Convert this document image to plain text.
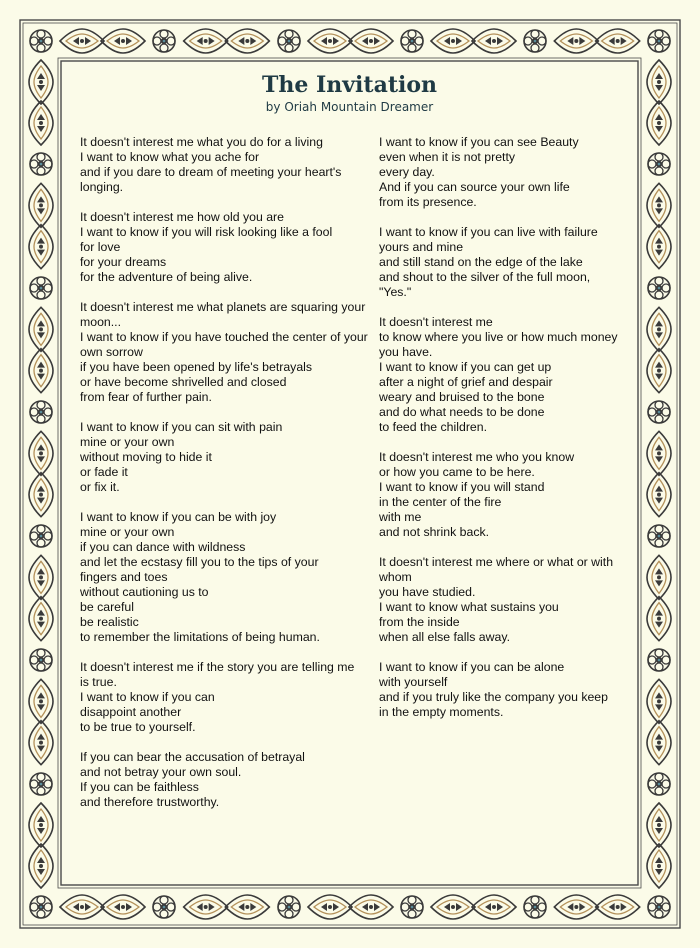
The Invitation

by Oriah Mountain Dreamer

It doesn't interest me what you do for a living
I want to know what you ache for
and if you dare to dream of meeting your heart's
longing.
It doesn't interest me how old you are
I want to know if you will risk looking like a fool
for love
for your dreams
for the adventure of being alive.
It doesn't interest me what planets are squaring your
moon...
I want to know if you have touched the center of your
own sorrow
if you have been opened by life's betrayals
or have become shrivelled and closed
from fear of further pain.
I want to know if you can sit with pain
mine or your own
without moving to hide it
or fade it
or fix it.
I want to know if you can be with joy
mine or your own
if you can dance with wildness
and let the ecstasy fill you to the tips of your
fingers and toes
without cautioning us to
be careful
be realistic
to remember the limitations of being human.
It doesn't interest me if the story you are telling me
is true.
I want to know if you can
disappoint another
to be true to yourself.
If you can bear the accusation of betrayal
and not betray your own soul.
If you can be faithless
and therefore trustworthy.
I want to know if you can see Beauty
even when it is not pretty
every day.
And if you can source your own life
from its presence.
I want to know if you can live with failure
yours and mine
and still stand on the edge of the lake
and shout to the silver of the full moon,
"Yes."
It doesn't interest me
to know where you live or how much money
you have.
I want to know if you can get up
after a night of grief and despair
weary and bruised to the bone
and do what needs to be done
to feed the children.
It doesn't interest me who you know
or how you came to be here.
I want to know if you will stand
in the center of the fire
with me
and not shrink back.
It doesn't interest me where or what or with
whom
you have studied.
I want to know what sustains you
from the inside
when all else falls away.
I want to know if you can be alone
with yourself
and if you truly like the company you keep
in the empty moments.
